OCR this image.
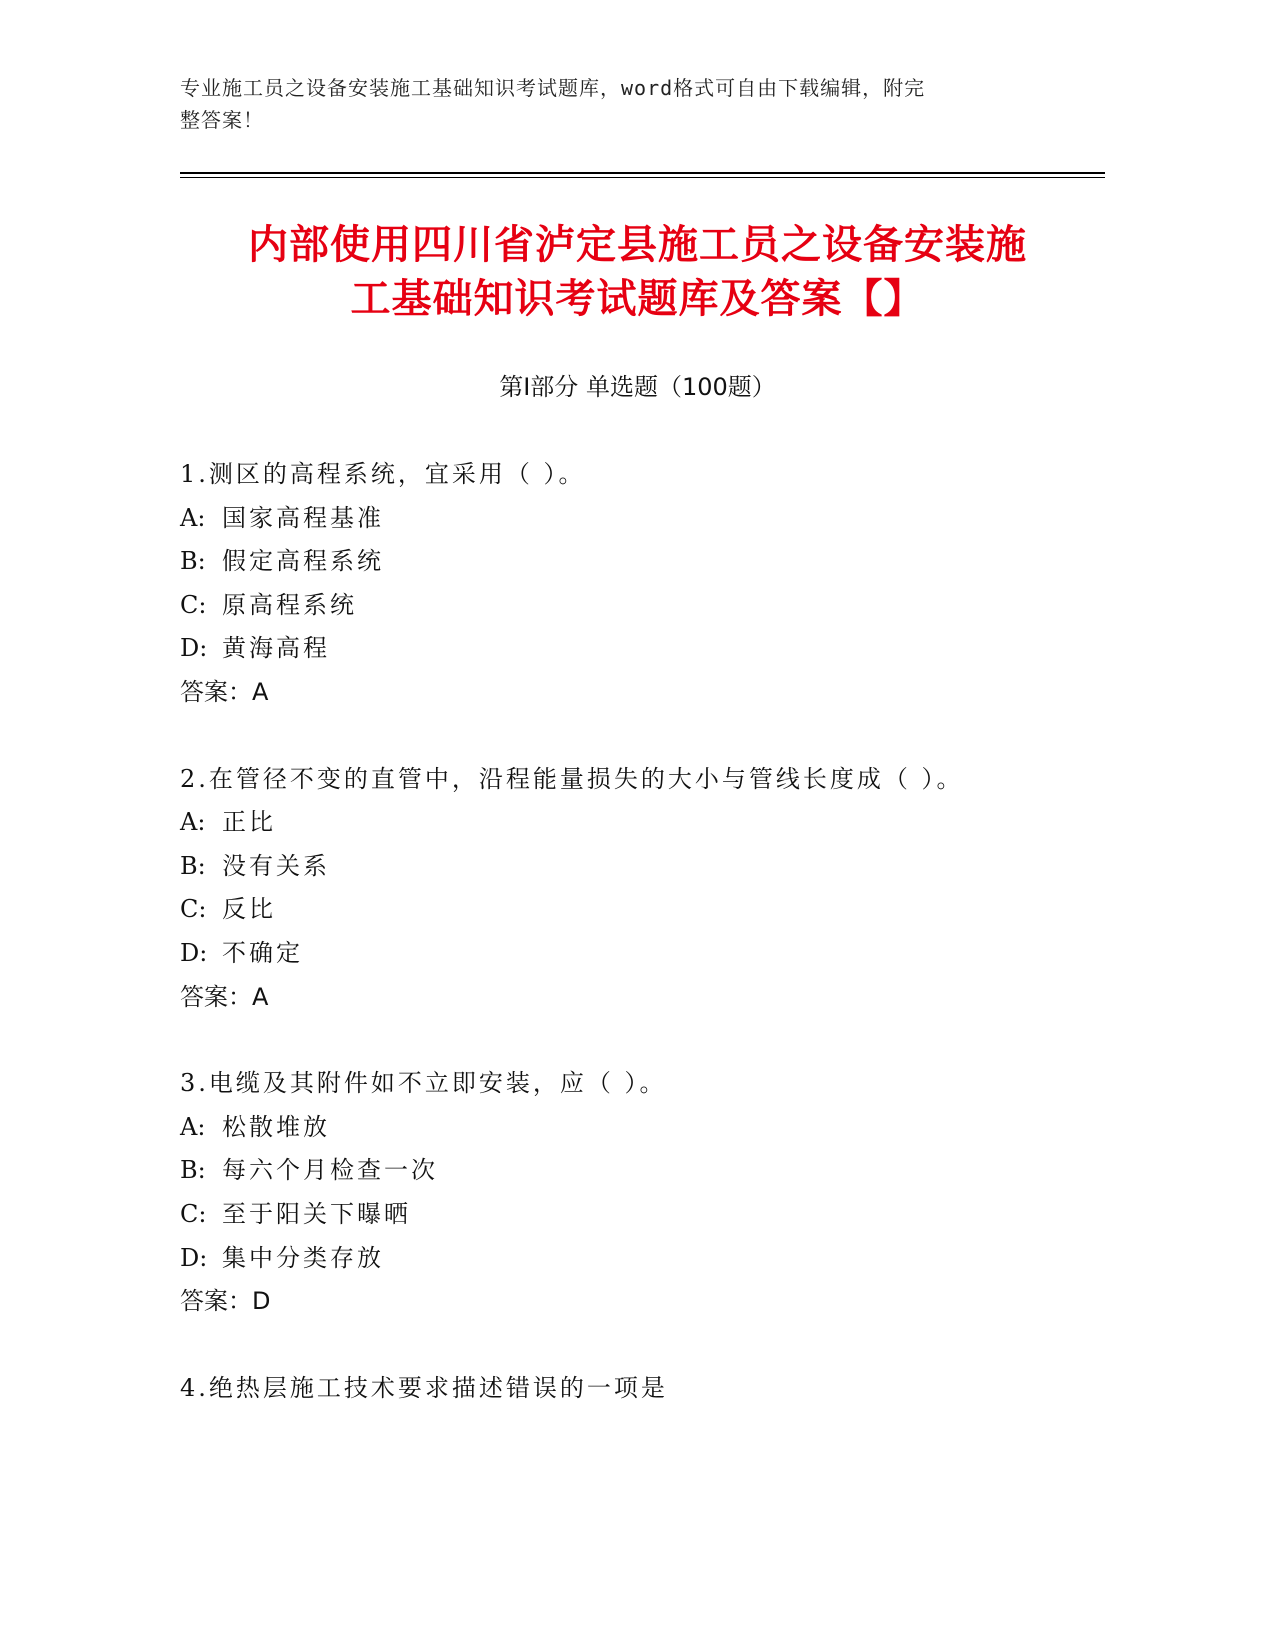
专业施工员之设备安装施工基础知识考试题库，word格式可自由下载编辑，附完
整答案！
内部使用四川省泸定县施工员之设备安装施
工基础知识考试题库及答案【】
第I部分 单选题（100题）
1.测区的高程系统，宜采用（ ）。
A: 国家高程基准
B: 假定高程系统
C: 原高程系统
D: 黄海高程
答案：A
2.在管径不变的直管中，沿程能量损失的大小与管线长度成（ ）。
A: 正比
B: 没有关系
C: 反比
D: 不确定
答案：A
3.电缆及其附件如不立即安装，应（ ）。
A: 松散堆放
B: 每六个月检查一次
C: 至于阳关下曝晒
D: 集中分类存放
答案：D
4.绝热层施工技术要求描述错误的一项是
